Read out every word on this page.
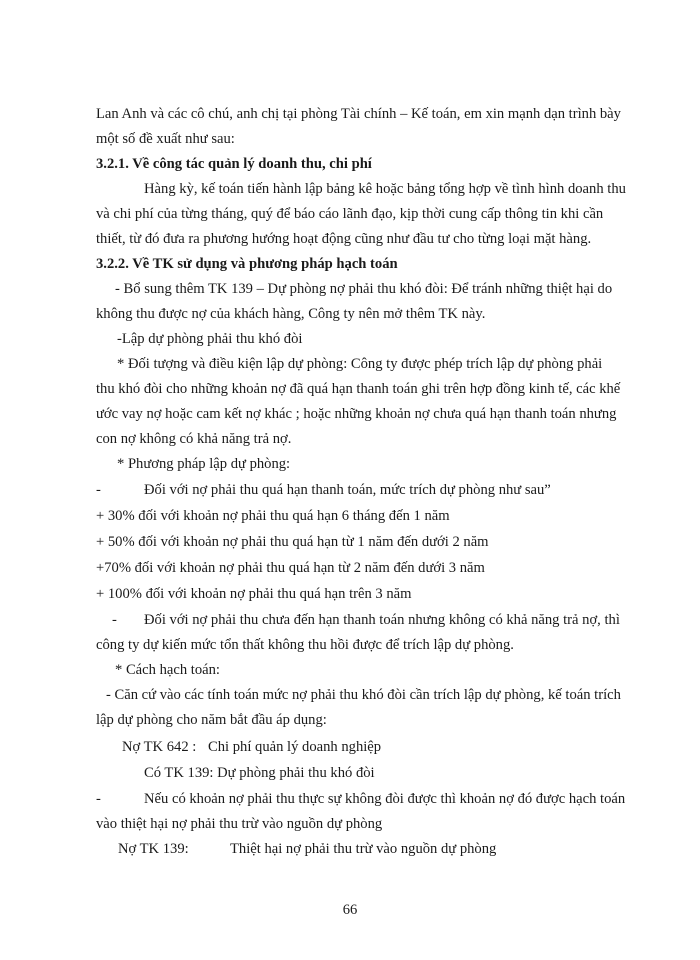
Lan Anh và các cô chú, anh chị tại phòng Tài chính – Kế toán, em xin mạnh dạn trình bày
một số đề xuất như sau:
3.2.1. Về công tác quản lý doanh thu, chi phí
Hàng kỳ, kế toán tiến hành lập bảng kê hoặc bảng tổng hợp về tình hình doanh thu
và chi phí của từng tháng, quý để báo cáo lãnh đạo, kịp thời cung cấp thông tin khi cần
thiết, từ đó đưa ra phương hướng hoạt động cũng như đầu tư cho từng loại mặt hàng.
3.2.2. Về TK sử dụng và phương pháp hạch toán
- Bổ sung thêm TK 139 – Dự phòng nợ phải thu khó đòi: Để tránh những thiệt hại do
không thu được nợ của khách hàng, Công ty nên mở thêm TK này.
-Lập dự phòng phải thu khó đòi
* Đối tượng và điều kiện lập dự phòng: Công ty được phép trích lập dự phòng phải
thu khó đòi cho những khoản nợ đã quá hạn thanh toán ghi trên hợp đồng kinh tế, các khế
ước vay nợ hoặc cam kết nợ khác ; hoặc những khoản nợ chưa quá hạn thanh toán nhưng
con nợ không có khả năng trả nợ.
* Phương pháp lập dự phòng:
-	Đối với nợ phải thu quá hạn thanh toán, mức trích dự phòng như sau”
+ 30% đối với khoản nợ phải thu quá hạn 6 tháng đến 1 năm
+ 50% đối với khoản nợ phải thu quá hạn từ 1 năm đến dưới 2 năm
+70% đối với khoản nợ phải thu quá hạn từ 2 năm đến dưới 3 năm
+ 100% đối với khoản nợ phải thu quá hạn trên 3 năm
- Đối với nợ phải thu chưa đến hạn thanh toán nhưng không có khả năng trả nợ, thì
công ty dự kiến mức tổn thất không thu hồi được để trích lập dự phòng.
* Cách hạch toán:
- Căn cứ vào các tính toán mức nợ phải thu khó đòi cần trích lập dự phòng, kế toán trích
lập dự phòng cho năm bắt đầu áp dụng:
Nợ TK 642 : Chi phí quản lý doanh nghiệp
Có TK 139: Dự phòng phải thu khó đòi
-	Nếu có khoản nợ phải thu thực sự không đòi được thì khoản nợ đó được hạch toán
vào thiệt hại nợ phải thu trừ vào nguồn dự phòng
Nợ TK 139:	Thiệt hại nợ phải thu trừ vào nguồn dự phòng
66
